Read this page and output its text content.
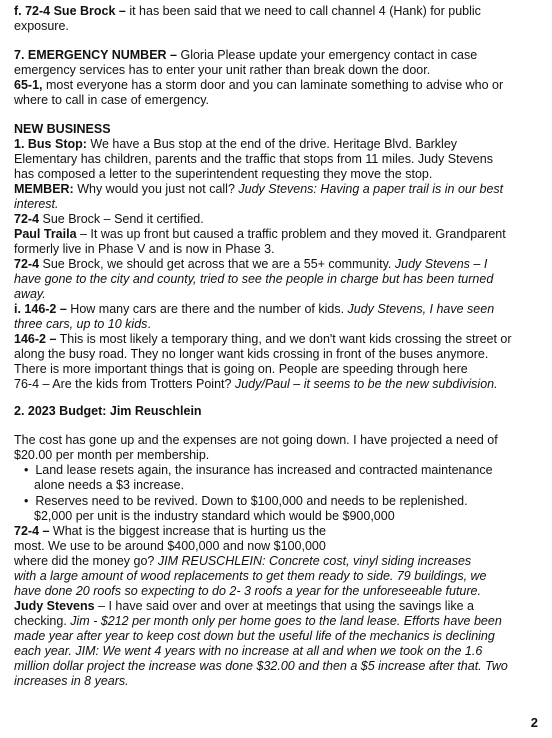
f. 72-4 Sue Brock – it has been said that we need to call channel 4 (Hank) for public
exposure.
7. EMERGENCY NUMBER – Gloria Please update your emergency contact in case
emergency services has to enter your unit rather than break down the door.
65-1, most everyone has a storm door and you can laminate something to advise who or
where to call in case of emergency.
NEW BUSINESS
1. Bus Stop: We have a Bus stop at the end of the drive. Heritage Blvd. Barkley
Elementary has children, parents and the traffic that stops from 11 miles. Judy Stevens
has composed a letter to the superintendent requesting they move the stop.
MEMBER: Why would you just not call? Judy Stevens: Having a paper trail is in our best
interest.
72-4 Sue Brock – Send it certified.
Paul Traila – It was up front but caused a traffic problem and they moved it. Grandparent
formerly live in Phase V and is now in Phase 3.
72-4 Sue Brock, we should get across that we are a 55+ community. Judy Stevens – I
have gone to the city and county, tried to see the people in charge but has been turned
away.
i. 146-2 – How many cars are there and the number of kids. Judy Stevens, I have seen
three cars, up to 10 kids.
146-2 – This is most likely a temporary thing, and we don't want kids crossing the street or
along the busy road. They no longer want kids crossing in front of the buses anymore.
There is more important things that is going on. People are speeding through here
76-4 – Are the kids from Trotters Point? Judy/Paul – it seems to be the new subdivision.
2. 2023 Budget: Jim Reuschlein
The cost has gone up and the expenses are not going down. I have projected a need of
$20.00 per month per membership.
•  Land lease resets again, the insurance has increased and contracted maintenance
alone needs a $3 increase.
•  Reserves need to be revived. Down to $100,000 and needs to be replenished.
$2,000 per unit is the industry standard which would be $900,000
72-4 – What is the biggest increase that is hurting us the
most. We use to be around $400,000 and now $100,000
where did the money go? JIM REUSCHLEIN: Concrete cost, vinyl siding increases
with a large amount of wood replacements to get them ready to side. 79 buildings, we
have done 20 roofs so expecting to do 2- 3 roofs a year for the unforeseeable future.
Judy Stevens – I have said over and over at meetings that using the savings like a
checking. Jim - $212 per month only per home goes to the land lease. Efforts have been
made year after year to keep cost down but the useful life of the mechanics is declining
each year. JIM: We went 4 years with no increase at all and when we took on the 1.6
million dollar project the increase was done $32.00 and then a $5 increase after that. Two
increases in 8 years.
2
